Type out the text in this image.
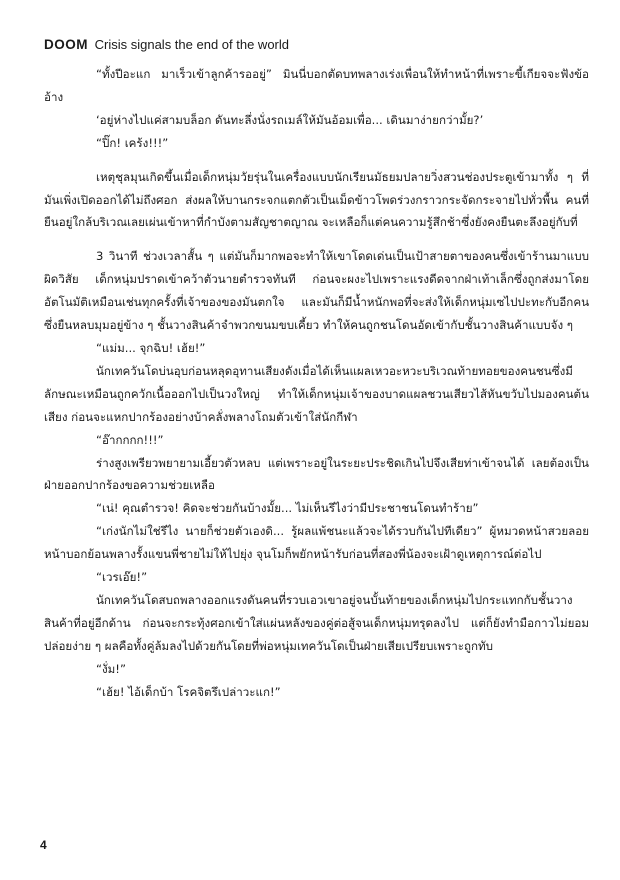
DOOM Crisis signals the end of the world

“ทั้งปีอะแก มาเร็วเข้าลูกค้ารออยู่” มินนี่บอกตัดบทพลางเร่งเพื่อนให้ทำหน้าที่เพราะขี้เกียจจะฟังข้ออ้าง

‘อยู่ห่างไปแค่สามบล็อก ดันทะลึ่งนั่งรถเมล์ให้มันอ้อมเพื่อ... เดินมาง่ายกว่ามั้ย?’

“ปิ๊ก! เคร้ง!!!”

เหตุชุลมุนเกิดขึ้นเมื่อเด็กหนุ่มวัยรุ่นในเครื่องแบบนักเรียนมัธยมปลายวิ่งสวนช่องประตูเข้ามาทั้ง ๆ ที่มันเพิ่งเปิดออกได้ไม่ถึงศอก ส่งผลให้บานกระจกแตกตัวเป็นเม็ดข้าวโพดร่วงกราวกระจัดกระจายไปทั่วพื้น คนที่ยืนอยู่ใกล้บริเวณเลยเผ่นเข้าหาที่กำบังตามสัญชาตญาณ จะเหลือก็แต่คนความรู้สึกช้าซึ่งยังคงยืนตะลึงอยู่กับที่

3 วินาที ช่วงเวลาสั้น ๆ แต่มันก็มากพอจะทำให้เขาโดดเด่นเป็นเป้าสายตาของคนซึ่งเข้าร้านมาแบบผิดวิสัย เด็กหนุ่มปราดเข้าคว้าตัวนายตำรวจทันที ก่อนจะผงะไปเพราะแรงดีดจากฝ่าเท้าเล็กซึ่งถูกส่งมาโดยอัตโนมัติเหมือนเช่นทุกครั้งที่เจ้าของของมันตกใจ และมันก็มีน้ำหนักพอที่จะส่งให้เด็กหนุ่มเซไปปะทะกับอีกคนซึ่งยืนหลบมุมอยู่ข้าง ๆ ชั้นวางสินค้าจำพวกขนมขบเคี้ยว ทำให้คนถูกชนโดนอัดเข้ากับชั้นวางสินค้าแบบจัง ๆ

“แม่ม... จุกฉิบ! เฮ้ย!”

นักเทควันโดบ่นอุบก่อนหลุดอุทานเสียงดังเมื่อได้เห็นแผลเหวอะหวะบริเวณท้ายทอยของคนชนซึ่งมีลักษณะเหมือนถูกควักเนื้อออกไปเป็นวงใหญ่ ทำให้เด็กหนุ่มเจ้าของบาดแผลชวนเสียวไส้หันขวับไปมองคนต้นเสียง ก่อนจะแหกปากร้องอย่างบ้าคลั่งพลางโถมตัวเข้าใส่นักกีฬา

“อ๊ากกกก!!!”

ร่างสูงเพรียวพยายามเอี้ยวตัวหลบ แต่เพราะอยู่ในระยะประชิดเกินไปจึงเสียท่าเข้าจนได้ เลยต้องเป็นฝ่ายออกปากร้องขอความช่วยเหลือ

“เน่! คุณตำรวจ! คิดจะช่วยกันบ้างมั้ย... ไม่เห็นรึไงว่ามีประชาชนโดนทำร้าย”

“เก่งนักไม่ใช่รึไง นายก็ช่วยตัวเองดิ... รู้ผลแพ้ชนะแล้วจะได้รวบกันไปทีเดียว” ผู้หมวดหน้าสวยลอยหน้าบอกย้อนพลางรั้งแขนพี่ชายไม่ให้ไปยุ่ง จุนโมก็พยักหน้ารับก่อนที่สองพี่น้องจะเฝ้าดูเหตุการณ์ต่อไป

“เวรเอ๊ย!”

นักเทควันโดสบถพลางออกแรงดันคนที่รวบเอวเขาอยู่จนบั้นท้ายของเด็กหนุ่มไปกระแทกกับชั้นวางสินค้าที่อยู่อีกด้าน ก่อนจะกระทุ้งศอกเข้าใส่แผ่นหลังของคู่ต่อสู้จนเด็กหนุ่มทรุดลงไป แต่ก็ยังทำมือกาวไม่ยอมปล่อยง่าย ๆ ผลคือทั้งคู่ล้มลงไปด้วยกันโดยที่พ่อหนุ่มเทควันโดเป็นฝ่ายเสียเปรียบเพราะถูกทับ

“งั่ม!”

“เฮ้ย! ไอ้เด็กบ้า โรคจิตรึเปล่าวะแก!”

4
